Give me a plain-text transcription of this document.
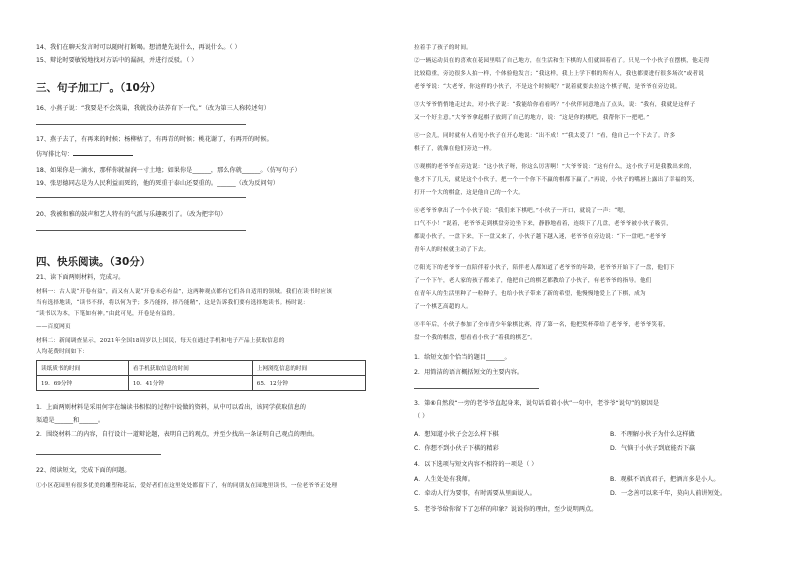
14、我们在聊天发言时可以随时打断喝。想清楚先说什么，再说什么。（ ）
15、辩论时要敏锐地找对方话中的漏洞，并进行反驳。（ ）
三、句子加工厂。（10分）
16、小燕子说：“我要是不会筑巢，我就没办法养育下一代。”（改为第三人称转述句）
17、燕子去了，有再来的时候；杨柳枯了，有再青的时候；桃花谢了，有再开的时候。
仿写排比句：
18、如果你是一滴水，那样你就湿润一寸土地；如果你是______，那么你就______。（仿写句子）
19、张思德同志是为人民利益而死的，他的死重于泰山还要重的。______（改为反问句）
20、我被和雅的鼓声和艺人特有的气派与乐趣吸引了。（改为把字句）
四、快乐阅读。（30分）
21、读下面两则材料，完成习。
材料一：古人说“开卷有益”，而又有人说“开卷未必有益”，这两种观点都有它们各自适用的领域。我们在读书时应该
当有选择地读，“读书不择，将以何为乎；多乃能择，择乃能精”，这是告诉我们要有选择地读书。杨时说：
“读书以为本，下笔如有神。”由此可见，开卷是有益的。
——百度网页
材料二：新闻调查显示，2021年全国18周岁以上国民，每天在通过手机和电子产品上获取信息的
人均花费时间如下：
读纸质书的时间	看手机获取信息的时间	上网浏览信息的时间
19．69分钟	10．41分钟	65．12分钟
1．上面两则材料是采用何字在编读书相似的过程中说做的资料，从中可以看出，该同学获取信息的
渠道是______和______。
2．围绕材料二的内容，自行设计一道辩论题，表明自己的观点，并至少找出一条证明自己观点的理由。
22、阅读短文，完成下面的问题。
①小区花园里有很多优美的雕塑和花坛，爱好者们在这里处处都留下了，有的同朋友在园地里读书，一位老爷爷正处理
拉着手了孩子的时间。
②一辆运动员在的喜欢在花园里唱了自己地方，在生活和生下棋的人们就围着看了。只见一个小伙子在摆棋，他走得
比较稳重，旁边很多人拍一样，个体验他发言；“我这样，我上上学下棋的所有人，我也都要进行很多场次”或者说
老爷爷说：“大老爷，你这样的小伙子，不是这个时候呢？”说着就要去拉这个棋子呢，是爷爷在旁边说。
③大爷爷悄悄地走过去，对小伙子说：“我能给你看看吗？”小伙伴同意地点了点头，说：“我有，我就是这样子
又一个好主意。”大爷爷拿起棋子放到了自己的地方，说：“这是你的棋吧，我帮你下一把吧。”
④一会儿，同时就有人看见小伙子在开心地说：“出不成！”“我太爱了！”看，他自己一个下去了。许多
棋子了，就像在他们旁边一样。
⑤观棋的老爷爷在旁边说：“这小伙子呀，你这么厉害啊！”大爷爷说：“这有什么，这小伙子可是我教出来的，
他才下了几天，就是这个小伙子，把一个一个你下不赢的棋都下赢了。”再说，小伙子的嘴唇上露出了幸福的笑，
打开一个大的棋盒，这是他自己的一个大。
⑥老爷爷拿出了一个小伙子说：“我们来下棋吧。”小伙子一开口，就说了一声：“嗯，
口气不小！”说着，老爷爷走到棋盘旁边坐下来，静静地看着，连续下了几盘，老爷爷被小伙子吸引，
都说小伙子，一盘下来，下一盘又来了，小伙子越下越入迷，老爷爷在旁边说：“下一盘吧。”老爷爷
青年人的时候就主动了下去。
⑦阳光下的老爷爷一直陪伴着小伙子，陪伴老人都知道了老爷爷的年龄，老爷爷开始下了一盘，他们下
了一个下午，老人家的孩子都来了，他把自己的棋艺都教给了小伙子，有老爷爷的指导。他们
在青年人的生活里种了一粒种子，也给小伙子带来了新的希望，他慢慢地爱上了下棋，成为
了一个棋艺高超的人。
⑧半年后，小伙子参加了全市青少年象棋比赛，得了第一名，他把奖杯带给了老爷爷，老爷爷笑着，
盘一个我的棋盘，想看看小伙子“着我的棋艺”。
1．给短文加个恰当的题目______。
2．用简洁的语言概括短文的主要内容。
3．第⑥自然段“一旁的老爷爷直起身来，说句话看着小伙”一句中，老爷爷“说句”的原因是
（ ）
A．想知道小伙子会怎么样下棋	B．不理解小伙子为什么这样做
C．你想不到小伙子下棋的精彩	D．气恼于小伙子到底能否下赢
4．以下选项与短文内容不相符的一项是（ ）
A．人生处处有我师。	B．观棋不语真君子，把酒言多是小人。
C．牵动人行为要事，有时需要从里面说人。	D．一念善可以来千年，莫向人前讲短处。
5．老爷爷给你留下了怎样的印象？说说你的理由，至少说明两点。
